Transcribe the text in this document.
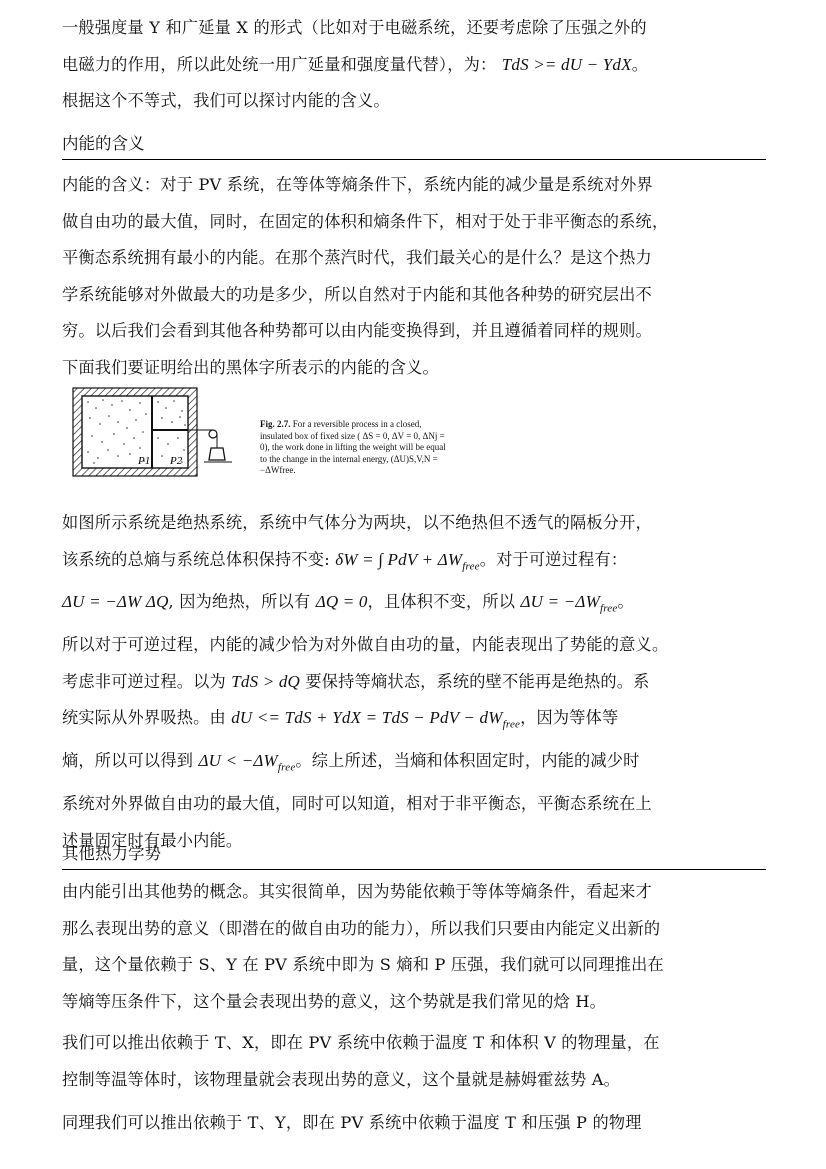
一般强度量 Y 和广延量 X 的形式（比如对于电磁系统，还要考虑除了压强之外的

电磁力的作用，所以此处统一用广延量和强度量代替），为： TdS >= dU − YdX。

根据这个不等式，我们可以探讨内能的含义。

内能的含义

内能的含义：对于 PV 系统，在等体等熵条件下，系统内能的减少量是系统对外界

做自由功的最大值，同时，在固定的体积和熵条件下，相对于处于非平衡态的系统，

平衡态系统拥有最小的内能。在那个蒸汽时代，我们最关心的是什么？是这个热力

学系统能够对外做最大的功是多少，所以自然对于内能和其他各种势的研究层出不

穷。以后我们会看到其他各种势都可以由内能变换得到，并且遵循着同样的规则。

下面我们要证明给出的黑体字所表示的内能的含义。

P1 P2
Fig. 2.7. For a reversible process in a closed, insulated box of fixed size ( ΔS = 0, ΔV = 0, ΔNj = 0), the work done in lifting the weight will be equal to the change in the internal energy, (ΔU)S,V,N = −ΔWfree.

如图所示系统是绝热系统，系统中气体分为两块，以不绝热但不透气的隔板分开，

该系统的总熵与系统总体积保持不变: δW = ∫ PdV + $\Delta W_{free}$。对于可逆过程有：

ΔU = −ΔW ΔQ, 因为绝热，所以有 ΔQ = 0，且体积不变，所以 $\Delta U = -\Delta W_{free}$。

所以对于可逆过程，内能的减少恰为对外做自由功的量，内能表现出了势能的意义。

考虑非可逆过程。以为 TdS > dQ 要保持等熵状态，系统的壁不能再是绝热的。系

统实际从外界吸热。由 dU <= TdS + YdX = TdS − PdV − $dW_{free}$，因为等体等

熵，所以可以得到 $\Delta U < -\Delta W_{free}$。综上所述，当熵和体积固定时，内能的减少时

系统对外界做自由功的最大值，同时可以知道，相对于非平衡态，平衡态系统在上

述量固定时有最小内能。

其他热力学势

由内能引出其他势的概念。其实很简单，因为势能依赖于等体等熵条件，看起来才

那么表现出势的意义（即潜在的做自由功的能力），所以我们只要由内能定义出新的

量，这个量依赖于 S、Y 在 PV 系统中即为 S 熵和 P 压强，我们就可以同理推出在

等熵等压条件下，这个量会表现出势的意义，这个势就是我们常见的焓 H。

我们可以推出依赖于 T、X，即在 PV 系统中依赖于温度 T 和体积 V 的物理量，在

控制等温等体时，该物理量就会表现出势的意义，这个量就是赫姆霍兹势 A。

同理我们可以推出依赖于 T、Y，即在 PV 系统中依赖于温度 T 和压强 P 的物理
